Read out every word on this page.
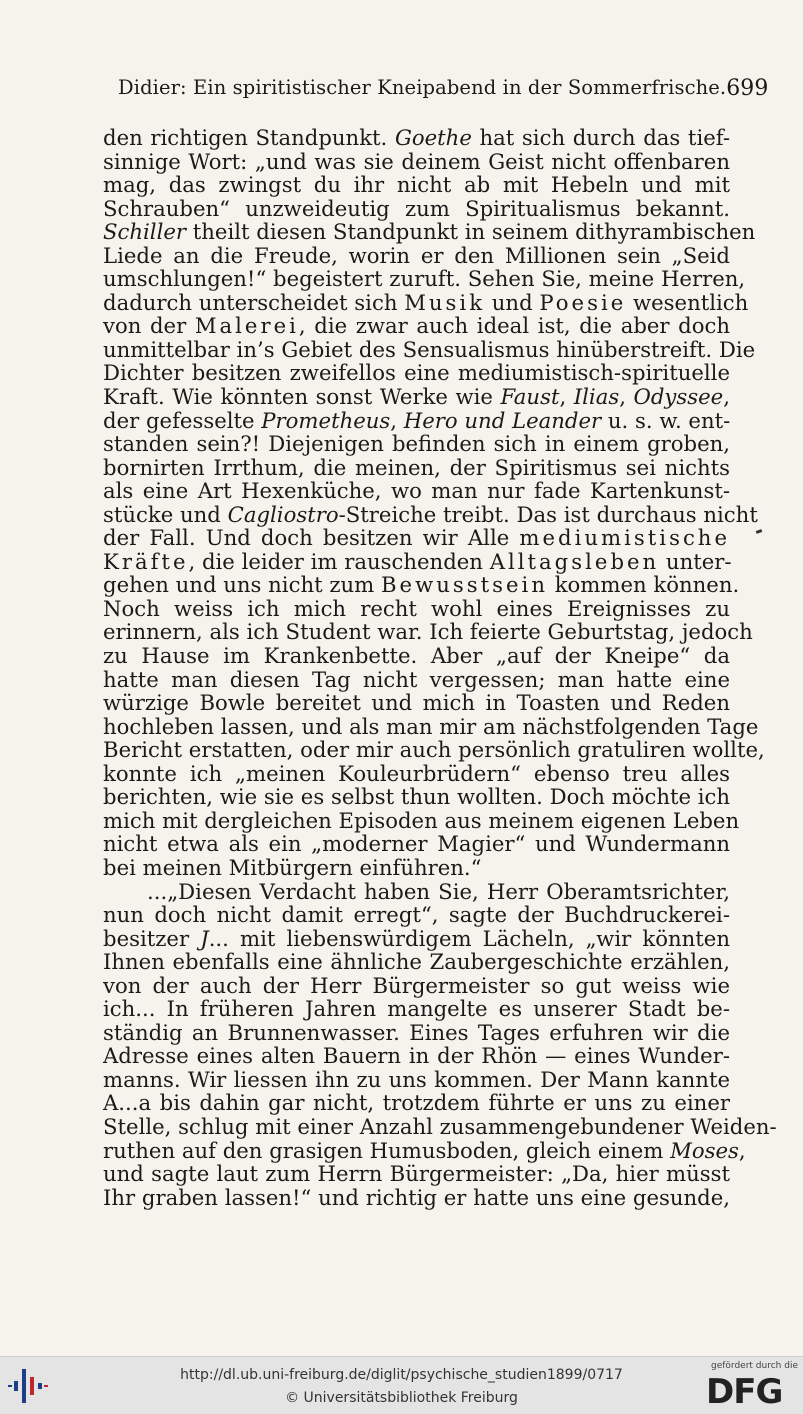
Didier: Ein spiritistischer Kneipabend in der Sommerfrische. 699
den richtigen Standpunkt. Goethe hat sich durch das tief-
sinnige Wort: „und was sie deinem Geist nicht offenbaren
mag, das zwingst du ihr nicht ab mit Hebeln und mit
Schrauben“ unzweideutig zum Spiritualismus bekannt.
Schiller theilt diesen Standpunkt in seinem dithyrambischen
Liede an die Freude, worin er den Millionen sein „Seid
umschlungen!“ begeistert zuruft. Sehen Sie, meine Herren,
dadurch unterscheidet sich Musik und Poesie wesentlich
von der Malerei, die zwar auch ideal ist, die aber doch
unmittelbar in’s Gebiet des Sensualismus hinüberstreift. Die
Dichter besitzen zweifellos eine mediumistisch-spirituelle
Kraft. Wie könnten sonst Werke wie Faust, Ilias, Odyssee,
der gefesselte Prometheus, Hero und Leander u. s. w. ent-
standen sein?! Diejenigen befinden sich in einem groben,
bornirten Irrthum, die meinen, der Spiritismus sei nichts
als eine Art Hexenküche, wo man nur fade Kartenkunst-
stücke und Cagliostro-Streiche treibt. Das ist durchaus nicht
der Fall. Und doch besitzen wir Alle mediumistische
Kräfte, die leider im rauschenden Alltagsleben unter-
gehen und uns nicht zum Bewusstsein kommen können.
Noch weiss ich mich recht wohl eines Ereignisses zu
erinnern, als ich Student war. Ich feierte Geburtstag, jedoch
zu Hause im Krankenbette. Aber „auf der Kneipe“ da
hatte man diesen Tag nicht vergessen; man hatte eine
würzige Bowle bereitet und mich in Toasten und Reden
hochleben lassen, und als man mir am nächstfolgenden Tage
Bericht erstatten, oder mir auch persönlich gratuliren wollte,
konnte ich „meinen Kouleurbrüdern“ ebenso treu alles
berichten, wie sie es selbst thun wollten. Doch möchte ich
mich mit dergleichen Episoden aus meinem eigenen Leben
nicht etwa als ein „moderner Magier“ und Wundermann
bei meinen Mitbürgern einführen.“
...„Diesen Verdacht haben Sie, Herr Oberamtsrichter,
nun doch nicht damit erregt“, sagte der Buchdruckerei-
besitzer J... mit liebenswürdigem Lächeln, „wir könnten
Ihnen ebenfalls eine ähnliche Zaubergeschichte erzählen,
von der auch der Herr Bürgermeister so gut weiss wie
ich... In früheren Jahren mangelte es unserer Stadt be-
ständig an Brunnenwasser. Eines Tages erfuhren wir die
Adresse eines alten Bauern in der Rhön — eines Wunder-
manns. Wir liessen ihn zu uns kommen. Der Mann kannte
A...a bis dahin gar nicht, trotzdem führte er uns zu einer
Stelle, schlug mit einer Anzahl zusammengebundener Weiden-
ruthen auf den grasigen Humusboden, gleich einem Moses,
und sagte laut zum Herrn Bürgermeister: „Da, hier müsst
Ihr graben lassen!“ und richtig er hatte uns eine gesunde,
http://dl.ub.uni-freiburg.de/diglit/psychische_studien1899/0717
© Universitätsbibliothek Freiburg
gefördert durch die
DFG
